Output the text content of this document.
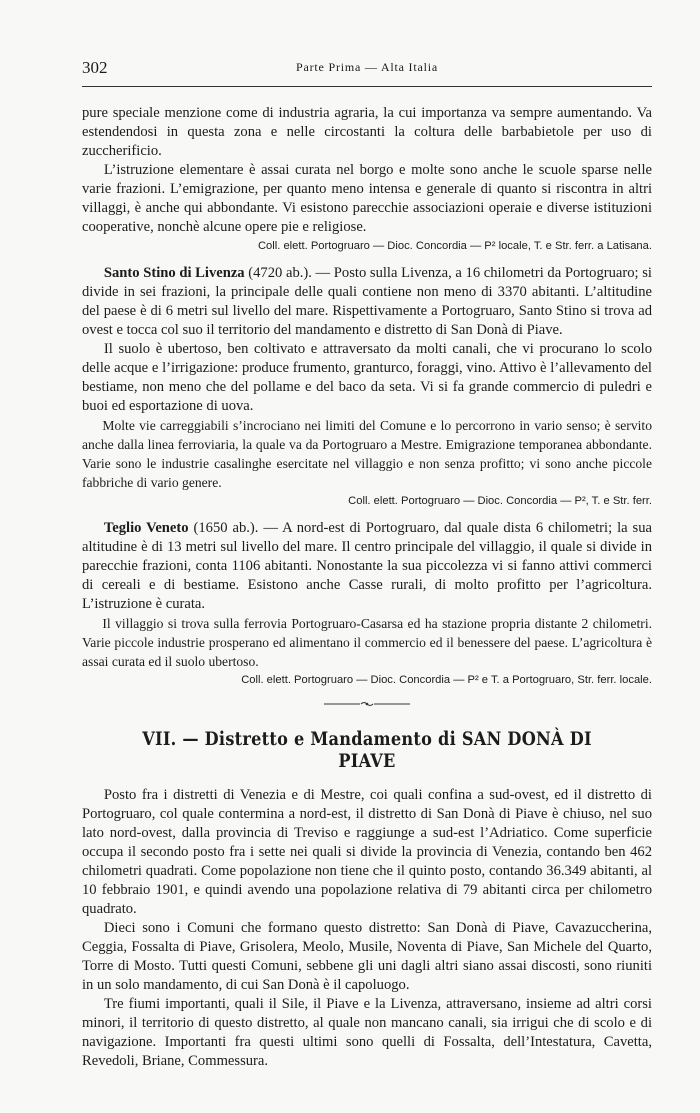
302	Parte Prima — Alta Italia

pure speciale menzione come di industria agraria, la cui importanza va sempre aumentando. Va estendendosi in questa zona e nelle circostanti la coltura delle barbabietole per uso di zuccherificio.

L’istruzione elementare è assai curata nel borgo e molte sono anche le scuole sparse nelle varie frazioni. L’emigrazione, per quanto meno intensa e generale di quanto si riscontra in altri villaggi, è anche qui abbondante. Vi esistono parecchie associazioni operaie e diverse istituzioni cooperative, nonchè alcune opere pie e religiose.

Coll. elett. Portogruaro — Dioc. Concordia — P² locale, T. e Str. ferr. a Latisana.

Santo Stino di Livenza (4720 ab.). — Posto sulla Livenza, a 16 chilometri da Portogruaro; si divide in sei frazioni, la principale delle quali contiene non meno di 3370 abitanti. L’altitudine del paese è di 6 metri sul livello del mare. Rispettivamente a Portogruaro, Santo Stino si trova ad ovest e tocca col suo il territorio del mandamento e distretto di San Donà di Piave.

Il suolo è ubertoso, ben coltivato e attraversato da molti canali, che vi procurano lo scolo delle acque e l’irrigazione: produce frumento, granturco, foraggi, vino. Attivo è l’allevamento del bestiame, non meno che del pollame e del baco da seta. Vi si fa grande commercio di puledri e buoi ed esportazione di uova.

Molte vie carreggiabili s’incrociano nei limiti del Comune e lo percorrono in vario senso; è servito anche dalla linea ferroviaria, la quale va da Portogruaro a Mestre. Emigrazione temporanea abbondante. Varie sono le industrie casalinghe esercitate nel villaggio e non senza profitto; vi sono anche piccole fabbriche di vario genere.

Coll. elett. Portogruaro — Dioc. Concordia — P², T. e Str. ferr.

Teglio Veneto (1650 ab.). — A nord-est di Portogruaro, dal quale dista 6 chilometri; la sua altitudine è di 13 metri sul livello del mare. Il centro principale del villaggio, il quale si divide in parecchie frazioni, conta 1106 abitanti. Nonostante la sua piccolezza vi si fanno attivi commerci di cereali e di bestiame. Esistono anche Casse rurali, di molto profitto per l’agricoltura. L’istruzione è curata.

Il villaggio si trova sulla ferrovia Portogruaro-Casarsa ed ha stazione propria distante 2 chilometri. Varie piccole industrie prosperano ed alimentano il commercio ed il benessere del paese. L’agricoltura è assai curata ed il suolo ubertoso.

Coll. elett. Portogruaro — Dioc. Concordia — P² e T. a Portogruaro, Str. ferr. locale.
VII. — Distretto e Mandamento di SAN DONÀ DI PIAVE

Posto fra i distretti di Venezia e di Mestre, coi quali confina a sud-ovest, ed il distretto di Portogruaro, col quale contermina a nord-est, il distretto di San Donà di Piave è chiuso, nel suo lato nord-ovest, dalla provincia di Treviso e raggiunge a sud-est l’Adriatico. Come superficie occupa il secondo posto fra i sette nei quali si divide la provincia di Venezia, contando ben 462 chilometri quadrati. Come popolazione non tiene che il quinto posto, contando 36.349 abitanti, al 10 febbraio 1901, e quindi avendo una popolazione relativa di 79 abitanti circa per chilometro quadrato.

Dieci sono i Comuni che formano questo distretto: San Donà di Piave, Cavazuccherina, Ceggia, Fossalta di Piave, Grisolera, Meolo, Musile, Noventa di Piave, San Michele del Quarto, Torre di Mosto. Tutti questi Comuni, sebbene gli uni dagli altri siano assai discosti, sono riuniti in un solo mandamento, di cui San Donà è il capoluogo.

Tre fiumi importanti, quali il Sile, il Piave e la Livenza, attraversano, insieme ad altri corsi minori, il territorio di questo distretto, al quale non mancano canali, sia irrigui che di scolo e di navigazione. Importanti fra questi ultimi sono quelli di Fossalta, dell’Intestatura, Cavetta, Revedoli, Briane, Commessura.
